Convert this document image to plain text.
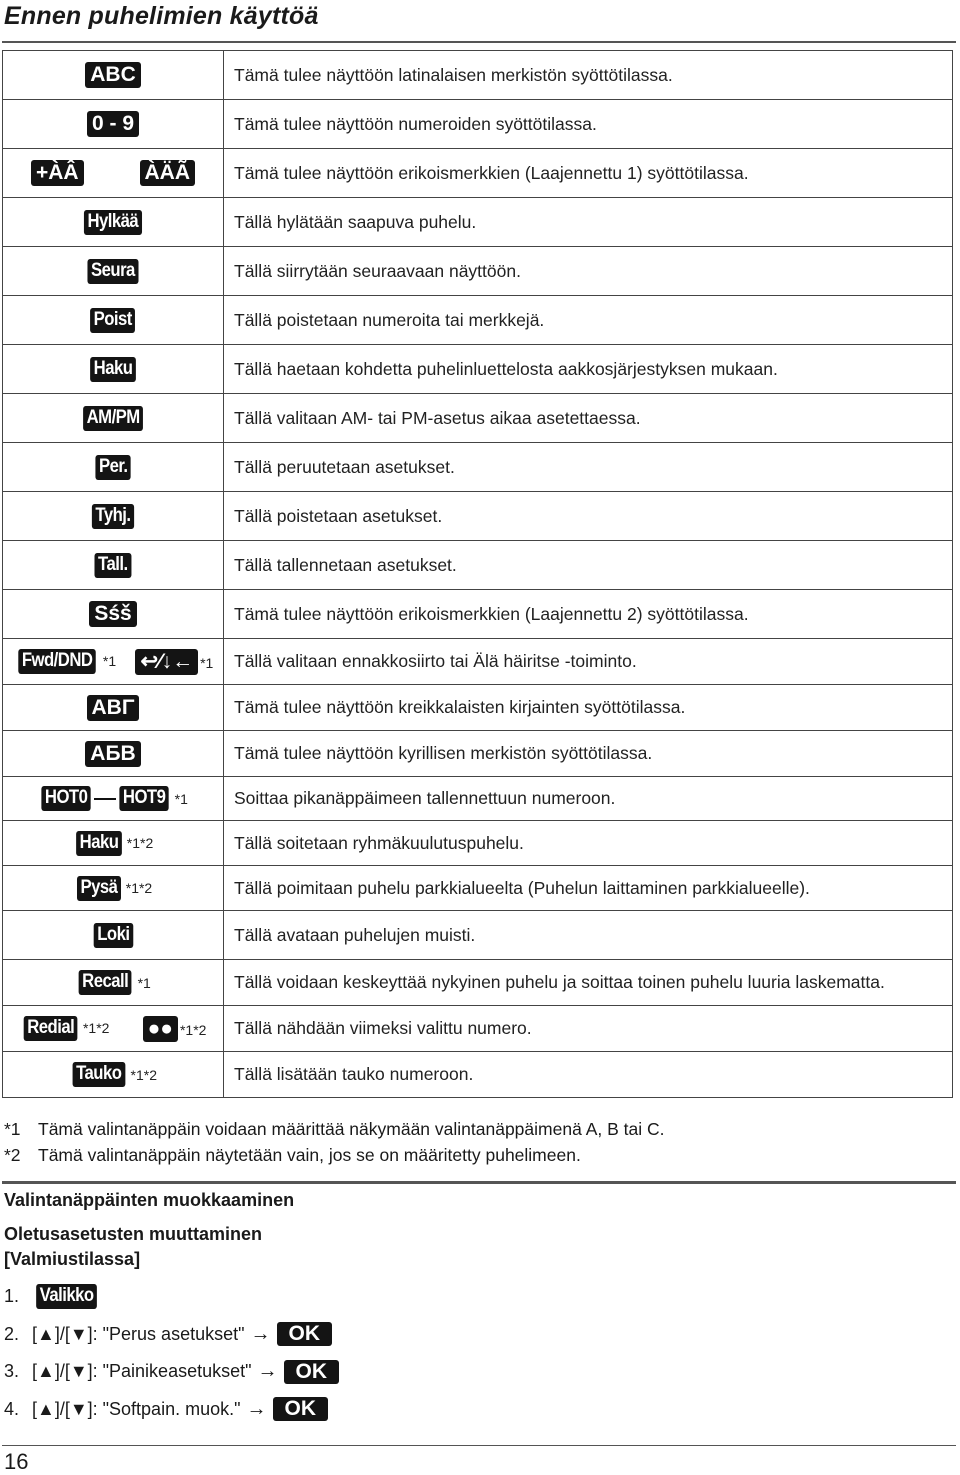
Ennen puhelimien käyttöä
ABC	Tämä tulee näyttöön latinalaisen merkistön syöttötilassa.

0 - 9	Tämä tulee näyttöön numeroiden syöttötilassa.

+ÀÂ ÀÄÃ	Tämä tulee näyttöön erikoismerkkien (Laajennettu 1) syöttötilassa.

Hylkää	Tällä hylätään saapuva puhelu.

Seura	Tällä siirrytään seuraavaan näyttöön.

Poist	Tällä poistetaan numeroita tai merkkejä.

Haku	Tällä haetaan kohdetta puhelinluettelosta aakkosjärjestyksen mukaan.

AM/PM	Tällä valitaan AM- tai PM-asetus aikaa asetettaessa.

Per.	Tällä peruutetaan asetukset.

Tyhj.	Tällä poistetaan asetukset.

Tall.	Tällä tallennetaan asetukset.

Sśš	Tämä tulee näyttöön erikoismerkkien (Laajennettu 2) syöttötilassa.

Fwd/DND *1 ↩⁄↓← *1	Tällä valitaan ennakkosiirto tai Älä häiritse -toiminto.

ΑΒΓ	Tämä tulee näyttöön kreikkalaisten kirjainten syöttötilassa.

АБВ	Tämä tulee näyttöön kyrillisen merkistön syöttötilassa.

HOT0 HOT9 *1	Soittaa pikanäppäimeen tallennettuun numeroon.

Haku *1*2	Tällä soitetaan ryhmäkuulutuspuhelu.

Pysä *1*2	Tällä poimitaan puhelu parkkialueelta (Puhelun laittaminen parkkialueelle).

Loki	Tällä avataan puhelujen muisti.

Recall *1	Tällä voidaan keskeyttää nykyinen puhelu ja soittaa toinen puhelu luuria laskematta.

Redial *1*2 ●● *1*2	Tällä nähdään viimeksi valittu numero.

Tauko *1*2	Tällä lisätään tauko numeroon.
*1 Tämä valintanäppäin voidaan määrittää näkymään valintanäppäimenä A, B tai C.
*2 Tämä valintanäppäin näytetään vain, jos se on määritetty puhelimeen.
Valintanäppäinten muokkaaminen
Oletusasetusten muuttaminen
[Valmiustilassa]
1.	Valikko
2. [▲]/[▼]: "Perus asetukset" → OK
3. [▲]/[▼]: "Painikeasetukset" → OK
4. [▲]/[▼]: "Softpain. muok." → OK
16
